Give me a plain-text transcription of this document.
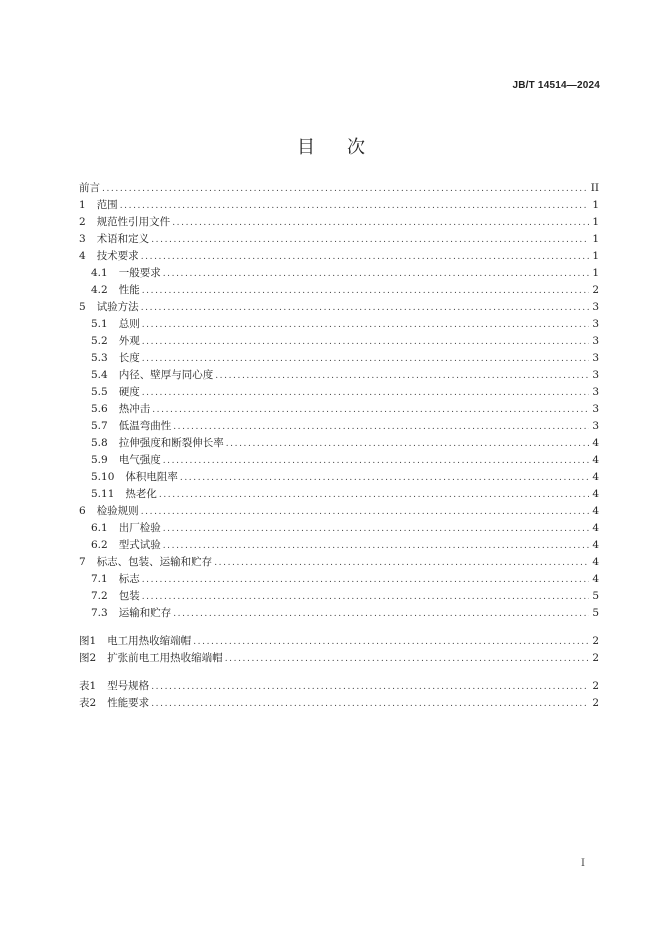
JB/T 14514—2024
目次
前言 .....	II
1 范围 .....	1
2 规范性引用文件 .....	1
3 术语和定义 .....	1
4 技术要求 .....	1
4.1 一般要求 .....	1
4.2 性能 .....	2
5 试验方法 .....	3
5.1 总则 .....	3
5.2 外观 .....	3
5.3 长度 .....	3
5.4 内径、壁厚与同心度 .....	3
5.5 硬度 .....	3
5.6 热冲击 .....	3
5.7 低温弯曲性 .....	3
5.8 拉伸强度和断裂伸长率 .....	4
5.9 电气强度 .....	4
5.10 体积电阻率 .....	4
5.11 热老化 .....	4
6 检验规则 .....	4
6.1 出厂检验 .....	4
6.2 型式试验 .....	4
7 标志、包装、运输和贮存 .....	4
7.1 标志 .....	4
7.2 包装 .....	5
7.3 运输和贮存 .....	5
图1 电工用热收缩端帽 .....	2
图2 扩张前电工用热收缩端帽 .....	2
表1 型号规格 .....	2
表2 性能要求 .....	2
I
